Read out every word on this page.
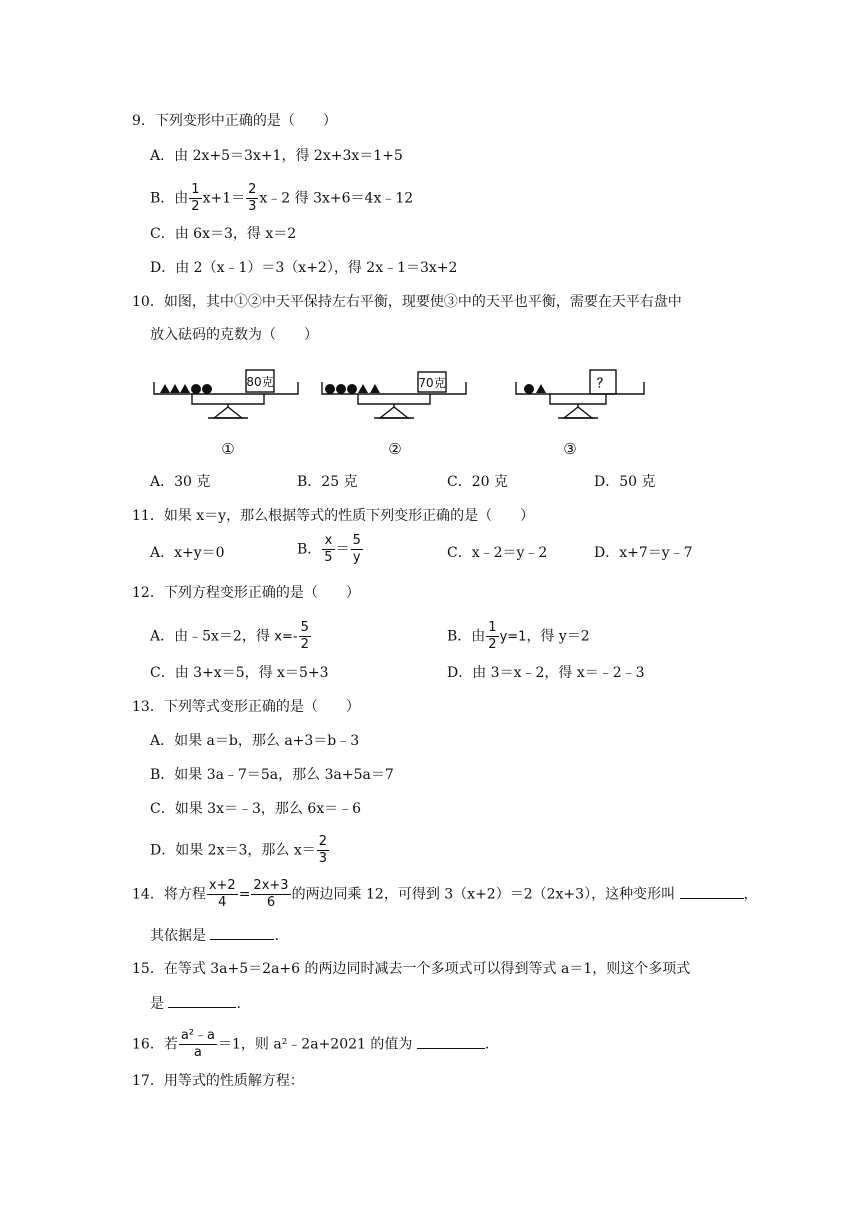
9．下列变形中正确的是（　　）
A．由 2x+5＝3x+1，得 2x+3x＝1+5
B．由 $\frac{1}{2} x+1= \frac{2}{3}$ x﹣2 得 3x+6＝4x﹣12
C．由 6x＝3，得 x＝2
D．由 2（x﹣1）＝3（x+2），得 2x﹣1＝3x+2
10．如图，其中①②中天平保持左右平衡，现要使③中的天平也平衡，需要在天平右盘中
放入砝码的克数为（　　）
80克	70克	？
①	②	③
A．30 克	B．25 克	C．20 克	D．50 克
11．如果 x＝y，那么根据等式的性质下列变形正确的是（　　）
A．x+y＝0	B． $\frac{x}{5} = \frac{5}{y}$	C．x﹣2＝y﹣2	D．x+7＝y﹣7
12．下列方程变形正确的是（　　）
A．由﹣5x＝2，得 $x=- \frac{5}{2}$	B．由 $\frac{1}{2} y=1$，得 y＝2
C．由 3+x＝5，得 x＝5+3	D．由 3＝x﹣2，得 x＝﹣2﹣3
13．下列等式变形正确的是（　　）
A．如果 a＝b，那么 a+3＝b﹣3
B．如果 3a﹣7＝5a，那么 3a+5a＝7
C．如果 3x＝﹣3，那么 6x＝﹣6
D．如果 2x＝3，那么 $x= \frac{2}{3}$
14．将方程 $\frac{x+2}{4} = \frac{2x+3}{6}$ 的两边同乘 12，可得到 3（x+2）＝2（2x+3），这种变形叫	，
其依据是	.
15．在等式 3a+5＝2a+6 的两边同时减去一个多项式可以得到等式 a＝1，则这个多项式
是	.
16．若 $\frac{\text{a²﹣a}}{a} =1$，则 a²﹣2a+2021 的值为	.
17．用等式的性质解方程：
